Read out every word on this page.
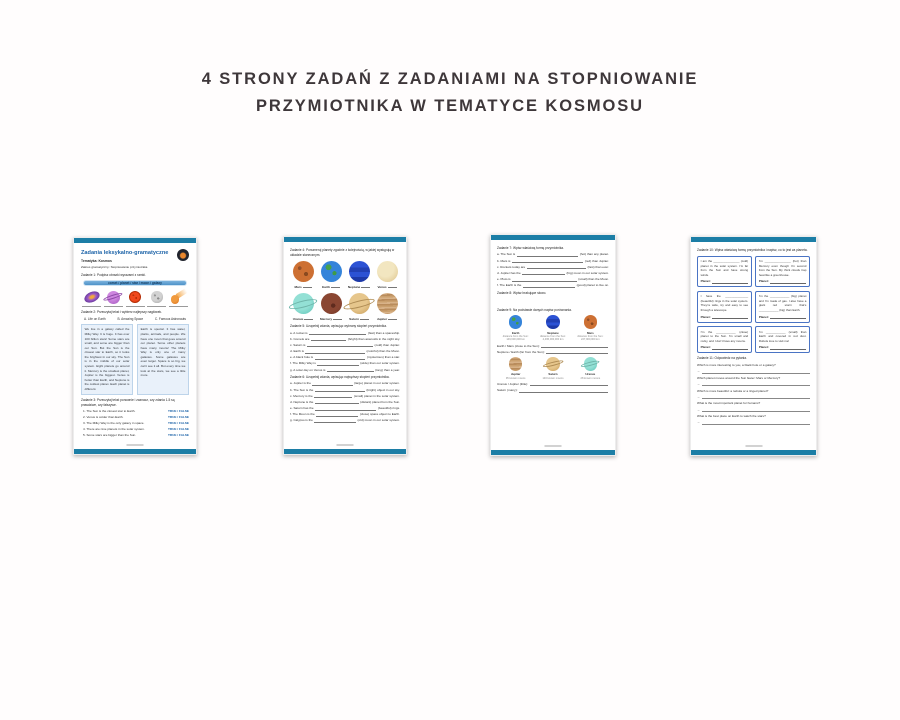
4 STRONY ZADAŃ Z ZADANIAMI NA STOPNIOWANIE
PRZYMIOTNIKA W TEMATYCE KOSMOSU
Zadania leksykalno-gramatyczne
Tematyka: Kosmos
Zakres gramatyczny: Stopniowanie przymiotnika
Zadanie 1: Podpisz obrazki wyrazami z ramki.
comet / planet / star / moon / galaxy
Zadanie 2: Przeczytaj tekst i wybierz najlepszy nagłówek.
A. Life on Earth	B. Amazing Space	C. Famous Astronauts
We live in a galaxy called the Milky Way. It is huge. It has over 100 billion stars! Some stars are small, and some are bigger than our Sun. But the Sun is the closest star to Earth, so it looks the brightest in our sky. The Sun is in the middle of our solar system. Eight planets go around it. Mercury is the smallest planet, Jupiter is the biggest. Venus is hotter than Earth, and Neptune is the coldest planet. Each planet is different.
Earth is special. It has water, plants, animals, and people. We have one moon that goes around our planet. Some other planets have many moons! The Milky Way is only one of many galaxies. Some galaxies are even larger. Space is so big, we can't see it all. But every time we look at the stars, we see a little more.
Zadanie 3: Przeczytaj tekst ponownie i zaznacz, czy zdania 1-5 są prawdziwe, czy fałszywe.
1. The Sun is the closest star to Earth.	TRUE / FALSE
2. Venus is colder than Earth.	TRUE / FALSE
3. The Milky Way is the only galaxy in space.	TRUE / FALSE
4. There are nine planets in the solar system.	TRUE / FALSE
5. Some stars are bigger than the Sun.	TRUE / FALSE
Zadanie 4: Ponumeruj planety zgodnie z kolejnością, w jakiej występują w układzie słonecznym.
Mars	Earth	Neptune	Venus
Uranus	Mercury	Saturn	Jupiter
Zadanie 5: Uzupełnij zdania, wpisując wybrany stopień przymiotnika.
a. A rocket is	(fast) than a spaceship.
b. Comets are	(bright) than asteroids in the night sky.
c. Saturn is	(cold) than Jupiter.
d. Earth is	(colorful) than the Moon.
e. A black hole is	(mysterious) than a star.
f. The Milky Way is	(wide) than our solar system.
g. A solar day on Venus is	(long) than a year.
Zadanie 6: Uzupełnij zdania, wpisując najwyższy stopień przymiotnika.
a. Jupiter is the	(large) planet in our solar system.
b. The Sun is the	(bright) object in our sky.
c. Mercury is the	(small) planet in the solar system.
d. Neptune is the	(distant) planet from the Sun.
e. Saturn has the	(beautiful) rings.
f. The Moon is the	(close) space object to Earth.
g. Calypso is the	(old) moon in our solar system.
Zadanie 7: Wpisz właściwą formę przymiotnika.
a. The Sun is	(hot) than any planet.
b. Mars is	(red) than Jupiter.
c. Rockets today are	(fast) than ever.
d. Jupiter has the	(big) moon in our solar system.
e. Pluto is	(small) than the Moon.
f. The Earth is the	(good) planet to live on.
Zadanie 8: Wpisz brakujące słowo.
Zadanie 9: Na podstawie danych napisz porównania.
Earth
distance from the Sun:
149,600,000 km
Neptune
distance from the Sun:
4,495,000,000 km
Mars
distance from the Sun:
227,900,000 km
Earth / Mars (close to the Sun):
Neptune / Earth (far from the Sun):
Jupiter
95 known moons
Saturn
146 known moons
Uranus
28 known moons
Uranus / Jupiter (little):
Saturn (many):
Zadanie 10: Wpisz właściwą formę przymiotnika i napisz, co to jest za planeta.
I am the ________________ (cold) planet in the solar system. I'm far from the Sun and have strong winds.
Planet:
I'm ________________ (hot) than Mercury even though I'm second from the Sun. My thick clouds trap heat like a greenhouse.
Planet:
I have the ______________ (beautiful) rings in the solar system. They're wide, icy and easy to see through a telescope.
Planet:
I'm the ____________ (big) planet and I'm made of gas. I also have a giant red storm that's ____________ (big) than Earth.
Planet:
I'm the ____________ (close) planet to the Sun. I'm small and rocky, and I don't have any moons.
Planet:
I'm ____________ (small) than Earth and covered in red dust. Robots love to visit me!
Planet:
Zadanie 11: Odpowiedz na pytania.
Which is more interesting to you, a black hole or a galaxy?
→
Which planet moves around the Sun faster: Mars or Mercury?
→
Which is more beautiful: a nebula or a ringed planet?
→
What is the most important planet for humans?
→
What is the best place on Earth to watch the stars?
→
